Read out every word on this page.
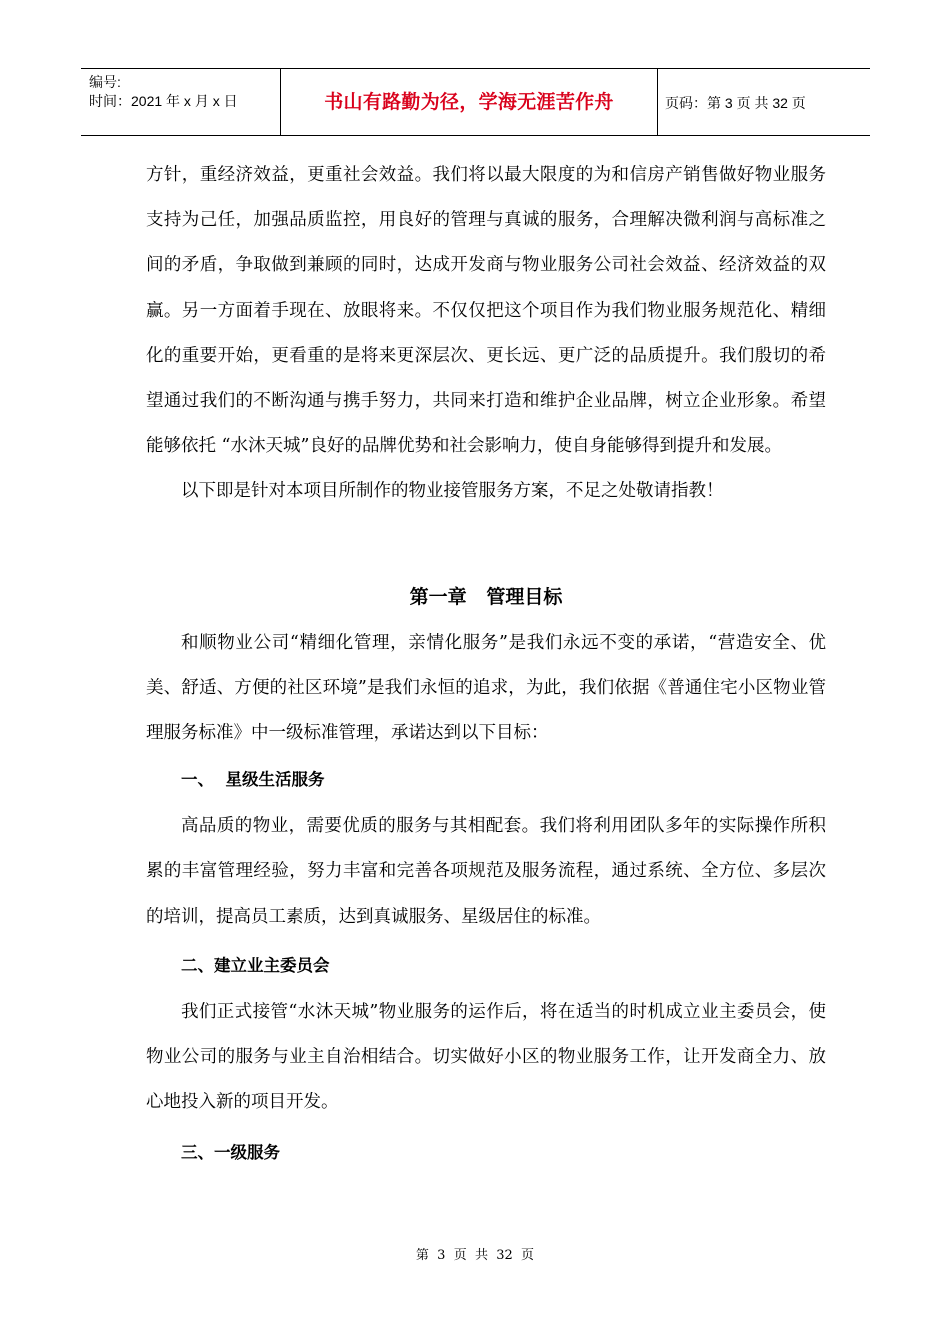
编号:
时间：2021 年 x 月 x 日	书山有路勤为径，学海无涯苦作舟	页码：第 3 页 共 32 页

方针，重经济效益，更重社会效益。我们将以最大限度的为和信房产销售做好物业服务支持为己任，加强品质监控，用良好的管理与真诚的服务，合理解决微利润与高标准之间的矛盾，争取做到兼顾的同时，达成开发商与物业服务公司社会效益、经济效益的双赢。另一方面着手现在、放眼将来。不仅仅把这个项目作为我们物业服务规范化、精细化的重要开始，更看重的是将来更深层次、更长远、更广泛的品质提升。我们殷切的希望通过我们的不断沟通与携手努力，共同来打造和维护企业品牌，树立企业形象。希望能够依托 “水沐天城”良好的品牌优势和社会影响力，使自身能够得到提升和发展。

以下即是针对本项目所制作的物业接管服务方案，不足之处敬请指教！

第一章   管理目标

和顺物业公司“精细化管理，亲情化服务”是我们永远不变的承诺，“营造安全、优美、舒适、方便的社区环境”是我们永恒的追求，为此，我们依据《普通住宅小区物业管理服务标准》中一级标准管理，承诺达到以下目标：

一、  星级生活服务

高品质的物业，需要优质的服务与其相配套。我们将利用团队多年的实际操作所积累的丰富管理经验，努力丰富和完善各项规范及服务流程，通过系统、全方位、多层次的培训，提高员工素质，达到真诚服务、星级居住的标准。

二、建立业主委员会

我们正式接管“水沐天城”物业服务的运作后，将在适当的时机成立业主委员会，使物业公司的服务与业主自治相结合。切实做好小区的物业服务工作，让开发商全力、放心地投入新的项目开发。

三、一级服务
第  3  页  共  32  页
